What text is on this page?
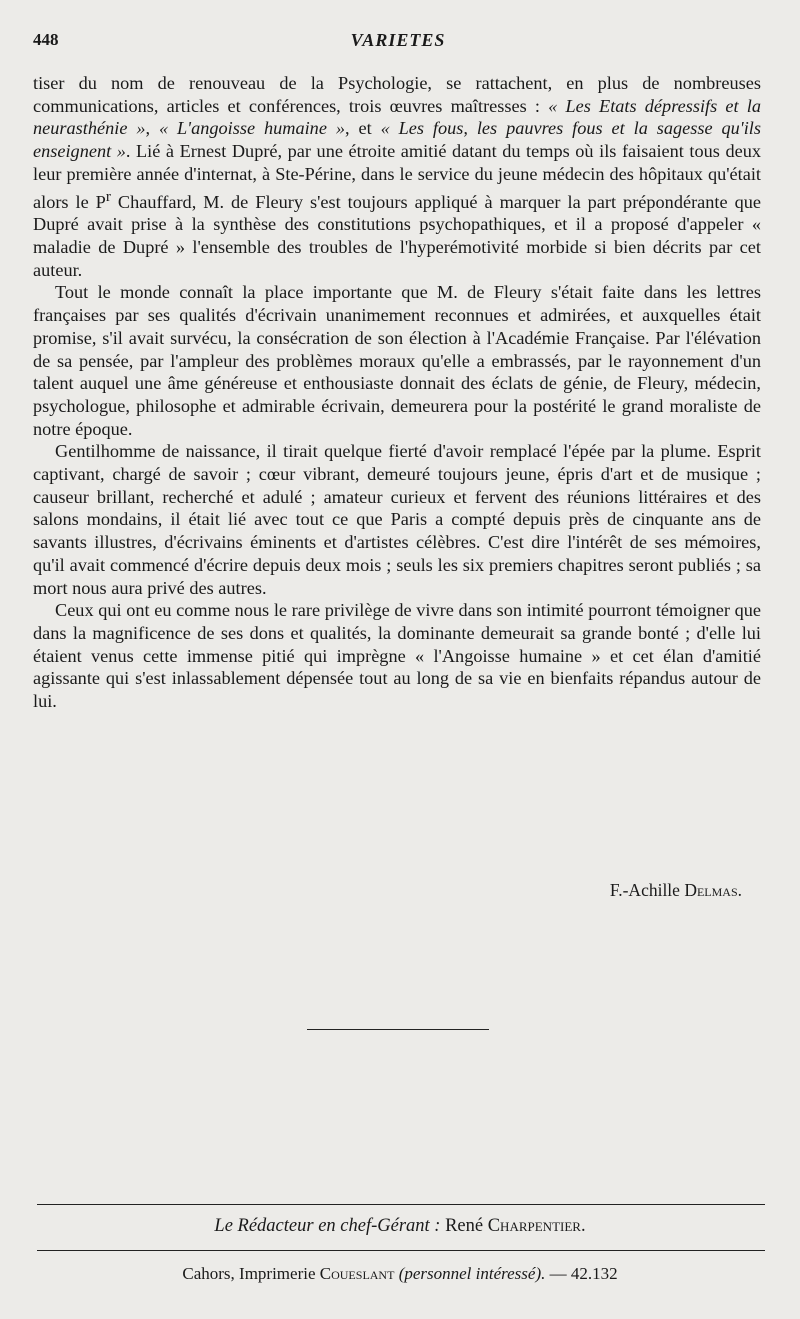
448	VARIETES

tiser du nom de renouveau de la Psychologie, se rattachent, en plus de nombreuses communications, articles et conférences, trois œuvres maîtresses : « Les Etats dépressifs et la neurasthénie », « L'angoisse humaine », et « Les fous, les pauvres fous et la sagesse qu'ils enseignent ». Lié à Ernest Dupré, par une étroite amitié datant du temps où ils faisaient tous deux leur première année d'internat, à Ste-Périne, dans le service du jeune médecin des hôpitaux qu'était alors le $P^r$ Chauffard, M. de Fleury s'est toujours appliqué à marquer la part prépondérante que Dupré avait prise à la synthèse des constitutions psychopathiques, et il a proposé d'appeler « maladie de Dupré » l'ensemble des troubles de l'hyperémotivité morbide si bien décrits par cet auteur.

Tout le monde connaît la place importante que M. de Fleury s'était faite dans les lettres françaises par ses qualités d'écrivain unanimement reconnues et admirées, et auxquelles était promise, s'il avait survécu, la consécration de son élection à l'Académie Française. Par l'élévation de sa pensée, par l'ampleur des problèmes moraux qu'elle a embrassés, par le rayonnement d'un talent auquel une âme généreuse et enthousiaste donnait des éclats de génie, de Fleury, médecin, psychologue, philosophe et admirable écrivain, demeurera pour la postérité le grand moraliste de notre époque.

Gentilhomme de naissance, il tirait quelque fierté d'avoir remplacé l'épée par la plume. Esprit captivant, chargé de savoir ; cœur vibrant, demeuré toujours jeune, épris d'art et de musique ; causeur brillant, recherché et adulé ; amateur curieux et fervent des réunions littéraires et des salons mondains, il était lié avec tout ce que Paris a compté depuis près de cinquante ans de savants illustres, d'écrivains éminents et d'artistes célèbres. C'est dire l'intérêt de ses mémoires, qu'il avait commencé d'écrire depuis deux mois ; seuls les six premiers chapitres seront publiés ; sa mort nous aura privé des autres.

Ceux qui ont eu comme nous le rare privilège de vivre dans son intimité pourront témoigner que dans la magnificence de ses dons et qualités, la dominante demeurait sa grande bonté ; d'elle lui étaient venus cette immense pitié qui imprègne « l'Angoisse humaine » et cet élan d'amitié agissante qui s'est inlassablement dépensée tout au long de sa vie en bienfaits répandus autour de lui.

F.-Achille Delmas.
Le Rédacteur en chef-Gérant : René Charpentier.
Cahors, Imprimerie Coueslant (personnel intéressé). — 42.132
